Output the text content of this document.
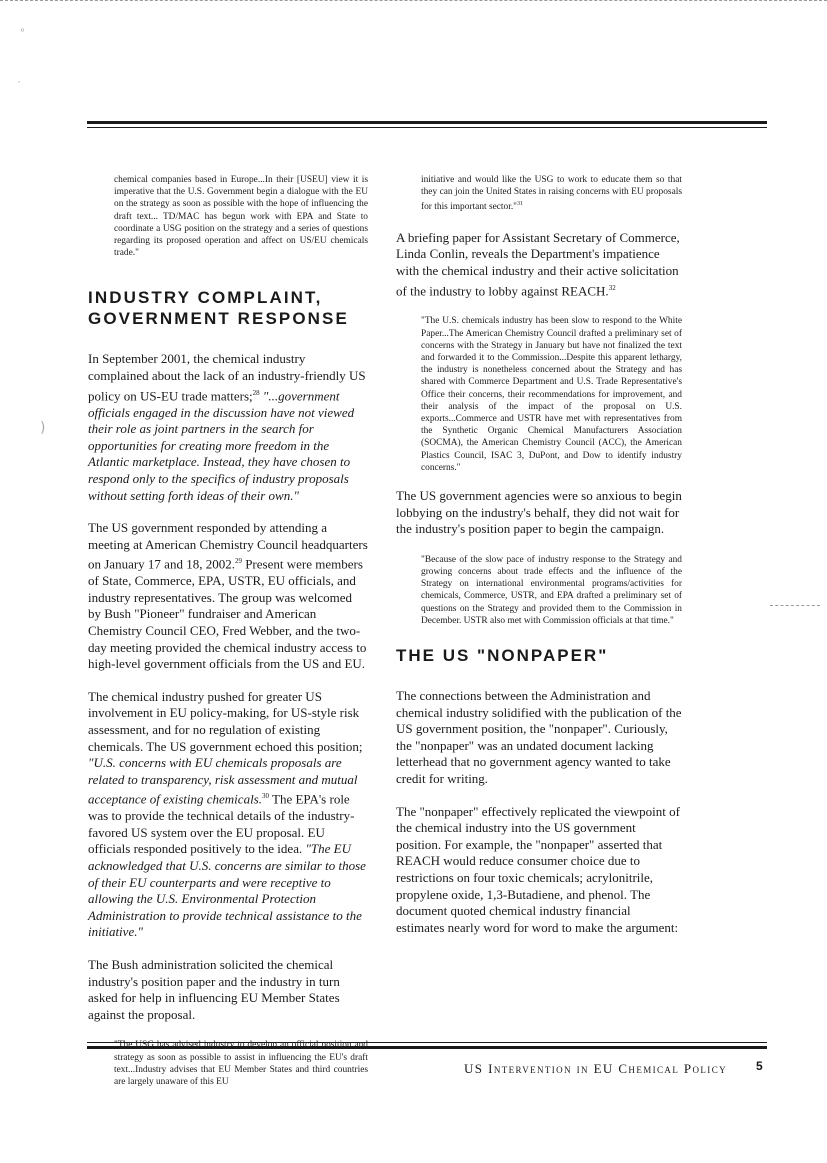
°
′
)

chemical companies based in Europe...In their [USEU] view it is imperative that the U.S. Government begin a dialogue with the EU on the strategy as soon as possible with the hope of influencing the draft text... TD/MAC has begun work with EPA and State to coordinate a USG position on the strategy and a series of questions regarding its proposed operation and affect on US/EU chemicals trade."

INDUSTRY COMPLAINT,
GOVERNMENT RESPONSE

In September 2001, the chemical industry complained about the lack of an industry-friendly US policy on US-EU trade matters;$^{28}$ "...government officials engaged in the discussion have not viewed their role as joint partners in the search for opportunities for creating more freedom in the Atlantic marketplace. Instead, they have chosen to respond only to the specifics of industry proposals without setting forth ideas of their own."

The US government responded by attending a meeting at American Chemistry Council headquarters on January 17 and 18, 2002.29 Present were members of State, Commerce, EPA, USTR, EU officials, and industry representatives. The group was welcomed by Bush "Pioneer" fundraiser and American Chemistry Council CEO, Fred Webber, and the two-day meeting provided the chemical industry access to high-level government officials from the US and EU.

The chemical industry pushed for greater US involvement in EU policy-making, for US-style risk assessment, and for no regulation of existing chemicals. The US government echoed this position; "U.S. concerns with EU chemicals proposals are related to transparency, risk assessment and mutual acceptance of existing chemicals.$^{30}$ The EPA's role was to provide the technical details of the industry-favored US system over the EU proposal. EU officials responded positively to the idea. "The EU acknowledged that U.S. concerns are similar to those of their EU counterparts and were receptive to allowing the U.S. Environmental Protection Administration to provide technical assistance to the initiative."

The Bush administration solicited the chemical industry's position paper and the industry in turn asked for help in influencing EU Member States against the proposal.

strategy as soon as possible to assist in influencing the EU's draft text...Industry advises that EU Member States and third countries are largely unaware of this EU

initiative and would like the USG to work to educate them so that they can join the United States in raising concerns with EU proposals for this important sector."$^{31}$

A briefing paper for Assistant Secretary of Commerce, Linda Conlin, reveals the Department's impatience with the chemical industry and their active solicitation of the industry to lobby against REACH.$^{32}$

"The U.S. chemicals industry has been slow to respond to the White Paper...The American Chemistry Council drafted a preliminary set of concerns with the Strategy in January but have not finalized the text and forwarded it to the Commission...Despite this apparent lethargy, the industry is nonetheless concerned about the Strategy and has shared with Commerce Department and U.S. Trade Representative's Office their concerns, their recommendations for improvement, and their analysis of the impact of the proposal on U.S. exports...Commerce and USTR have met with representatives from the Synthetic Organic Chemical Manufacturers Association (SOCMA), the American Chemistry Council (ACC), the American Plastics Council, ISAC 3, DuPont, and Dow to identify industry concerns."

The US government agencies were so anxious to begin lobbying on the industry's behalf, they did not wait for the industry's position paper to begin the campaign.

"Because of the slow pace of industry response to the Strategy and growing concerns about trade effects and the influence of the Strategy on international environmental programs/activities for chemicals, Commerce, USTR, and EPA drafted a preliminary set of questions on the Strategy and provided them to the Commission in December. USTR also met with Commission officials at that time."

THE US "NONPAPER"

The connections between the Administration and chemical industry solidified with the publication of the US government position, the "nonpaper". Curiously, the "nonpaper" was an undated document lacking letterhead that no government agency wanted to take credit for writing.

The "nonpaper" effectively replicated the viewpoint of the chemical industry into the US government position. For example, the "nonpaper" asserted that REACH would reduce consumer choice due to restrictions on four toxic chemicals; acrylonitrile, propylene oxide, 1,3-Butadiene, and phenol. The document quoted chemical industry financial estimates nearly word for word to make the argument:

US Intervention in EU Chemical Policy 5
